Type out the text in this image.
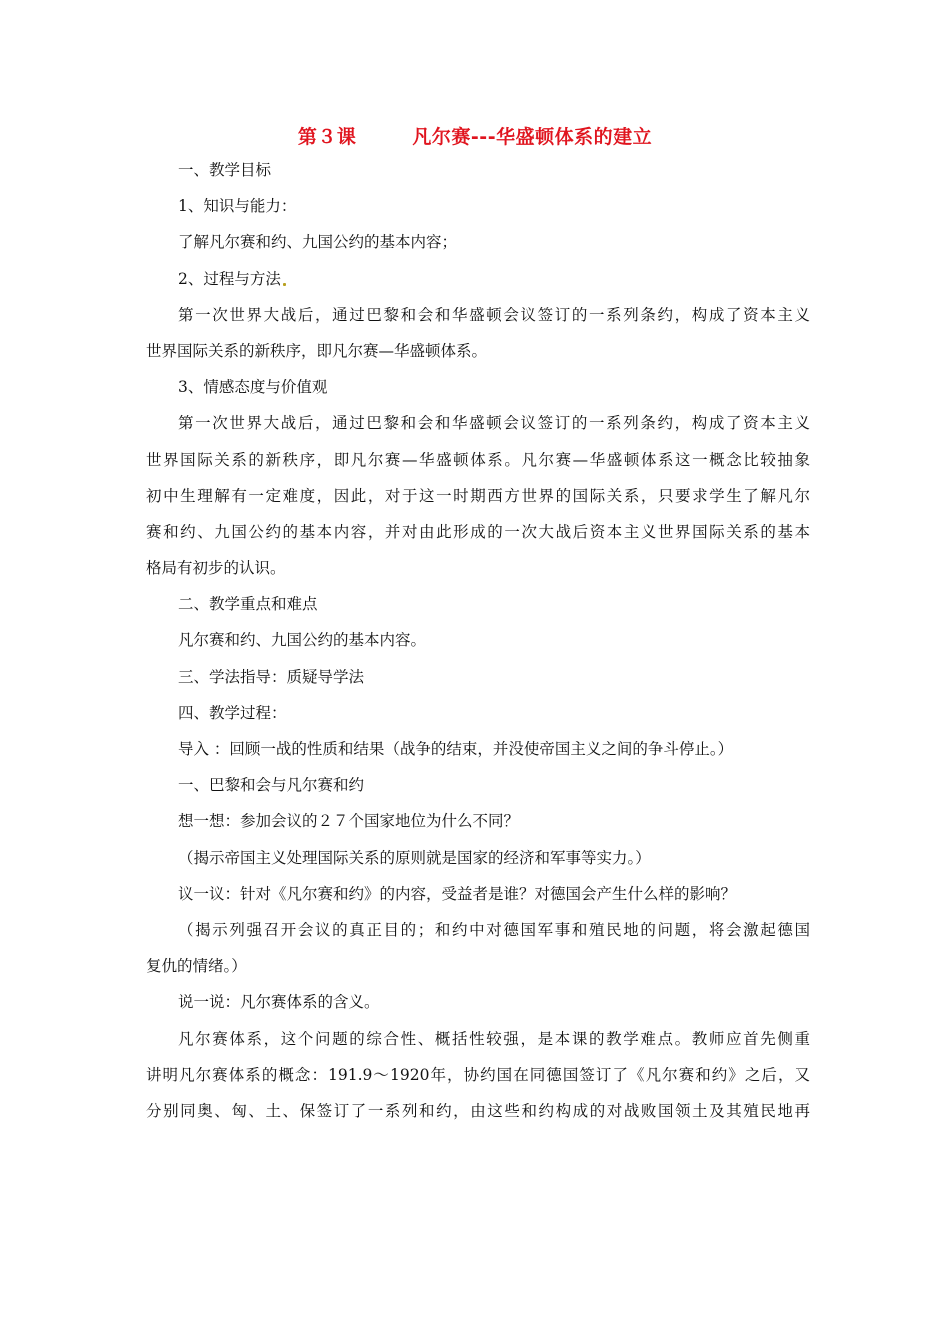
第３课	凡尔赛---华盛顿体系的建立
一、教学目标
1、知识与能力：
了解凡尔赛和约、九国公约的基本内容；
2、过程与方法
第一次世界大战后，通过巴黎和会和华盛顿会议签订的一系列条约，构成了资本主义
世界国际关系的新秩序，即凡尔赛—华盛顿体系。
3、情感态度与价值观
第一次世界大战后，通过巴黎和会和华盛顿会议签订的一系列条约，构成了资本主义
世界国际关系的新秩序，即凡尔赛—华盛顿体系。凡尔赛—华盛顿体系这一概念比较抽象
初中生理解有一定难度，因此，对于这一时期西方世界的国际关系，只要求学生了解凡尔
赛和约、九国公约的基本内容，并对由此形成的一次大战后资本主义世界国际关系的基本
格局有初步的认识。
二、教学重点和难点
凡尔赛和约、九国公约的基本内容。
三、学法指导：质疑导学法
四、教学过程：
导入 ：回顾一战的性质和结果（战争的结束，并没使帝国主义之间的争斗停止。）
一、巴黎和会与凡尔赛和约
想一想：参加会议的２７个国家地位为什么不同？
（揭示帝国主义处理国际关系的原则就是国家的经济和军事等实力。）
议一议：针对《凡尔赛和约》的内容，受益者是谁？对德国会产生什么样的影响？
（揭示列强召开会议的真正目的；和约中对德国军事和殖民地的问题，将会激起德国
复仇的情绪。）
说一说：凡尔赛体系的含义。
凡尔赛体系，这个问题的综合性、概括性较强，是本课的教学难点。教师应首先侧重
讲明凡尔赛体系的概念：191.9～1920年，协约国在同德国签订了《凡尔赛和约》之后，又
分别同奥、匈、土、保签订了一系列和约，由这些和约构成的对战败国领土及其殖民地再
